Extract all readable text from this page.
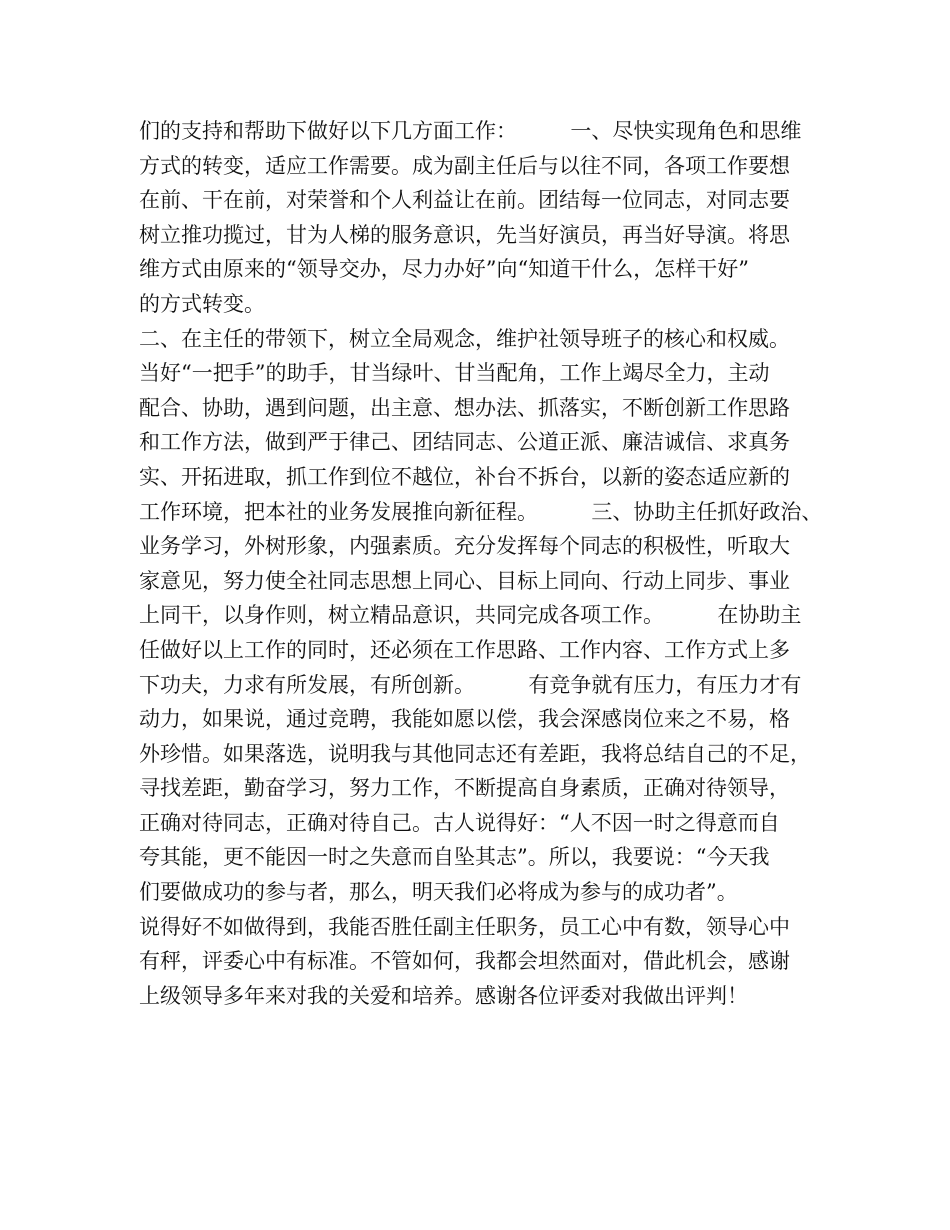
们的支持和帮助下做好以下几方面工作：        一、尽快实现角色和思维
方式的转变，适应工作需要。成为副主任后与以往不同，各项工作要想
在前、干在前，对荣誉和个人利益让在前。团结每一位同志，对同志要
树立推功揽过，甘为人梯的服务意识，先当好演员，再当好导演。将思
维方式由原来的“领导交办，尽力办好”向“知道干什么，怎样干好”
的方式转变。
二、在主任的带领下，树立全局观念，维护社领导班子的核心和权威。
当好“一把手”的助手，甘当绿叶、甘当配角，工作上竭尽全力，主动
配合、协助，遇到问题，出主意、想办法、抓落实，不断创新工作思路
和工作方法，做到严于律己、团结同志、公道正派、廉洁诚信、求真务
实、开拓进取，抓工作到位不越位，补台不拆台，以新的姿态适应新的
工作环境，把本社的业务发展推向新征程。        三、协助主任抓好政治、
业务学习，外树形象，内强素质。充分发挥每个同志的积极性，听取大
家意见，努力使全社同志思想上同心、目标上同向、行动上同步、事业
上同干，以身作则，树立精品意识，共同完成各项工作。        在协助主
任做好以上工作的同时，还必须在工作思路、工作内容、工作方式上多
下功夫，力求有所发展，有所创新。        有竞争就有压力，有压力才有
动力，如果说，通过竞聘，我能如愿以偿，我会深感岗位来之不易，格
外珍惜。如果落选，说明我与其他同志还有差距，我将总结自己的不足，
寻找差距，勤奋学习，努力工作，不断提高自身素质，正确对待领导，
正确对待同志，正确对待自己。古人说得好：“人不因一时之得意而自
夸其能，更不能因一时之失意而自坠其志”。所以，我要说：“今天我
们要做成功的参与者，那么，明天我们必将成为参与的成功者”。
说得好不如做得到，我能否胜任副主任职务，员工心中有数，领导心中
有秤，评委心中有标准。不管如何，我都会坦然面对，借此机会，感谢
上级领导多年来对我的关爱和培养。感谢各位评委对我做出评判！
